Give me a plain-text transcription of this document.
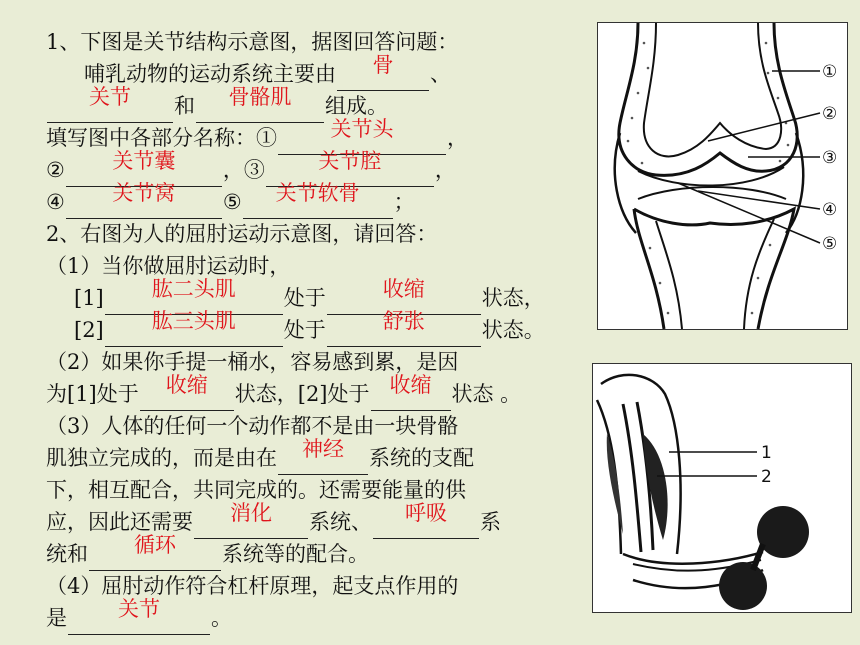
1、下图是关节结构示意图，据图回答问题：
哺乳动物的运动系统主要由	骨	、
关节	和	骨骼肌	组成。
填写图中各部分名称：①	关节头	，
②	关节囊	，③	关节腔	，
④	关节窝	⑤	关节软骨	；
2、右图为人的屈肘运动示意图，请回答：
（1）当你做屈肘运动时，
[1]	肱二头肌	处于	收缩	状态，
[2]	肱三头肌	处于	舒张	状态。
（2）如果你手提一桶水，容易感到累，是因
为[1]处于	收缩	状态，[2]处于 收缩 状态 。
（3）人体的任何一个动作都不是由一块骨骼
肌独立完成的，而是由在	神经	系统的支配
下，相互配合，共同完成的。还需要能量的供
应，因此还需要	消化	系统、	呼吸	系
统和	循环	系统等的配合。
（4）屈肘动作符合杠杆原理，起支点作用的
是	关节	。
①
②
③
④
⑤
1
2
